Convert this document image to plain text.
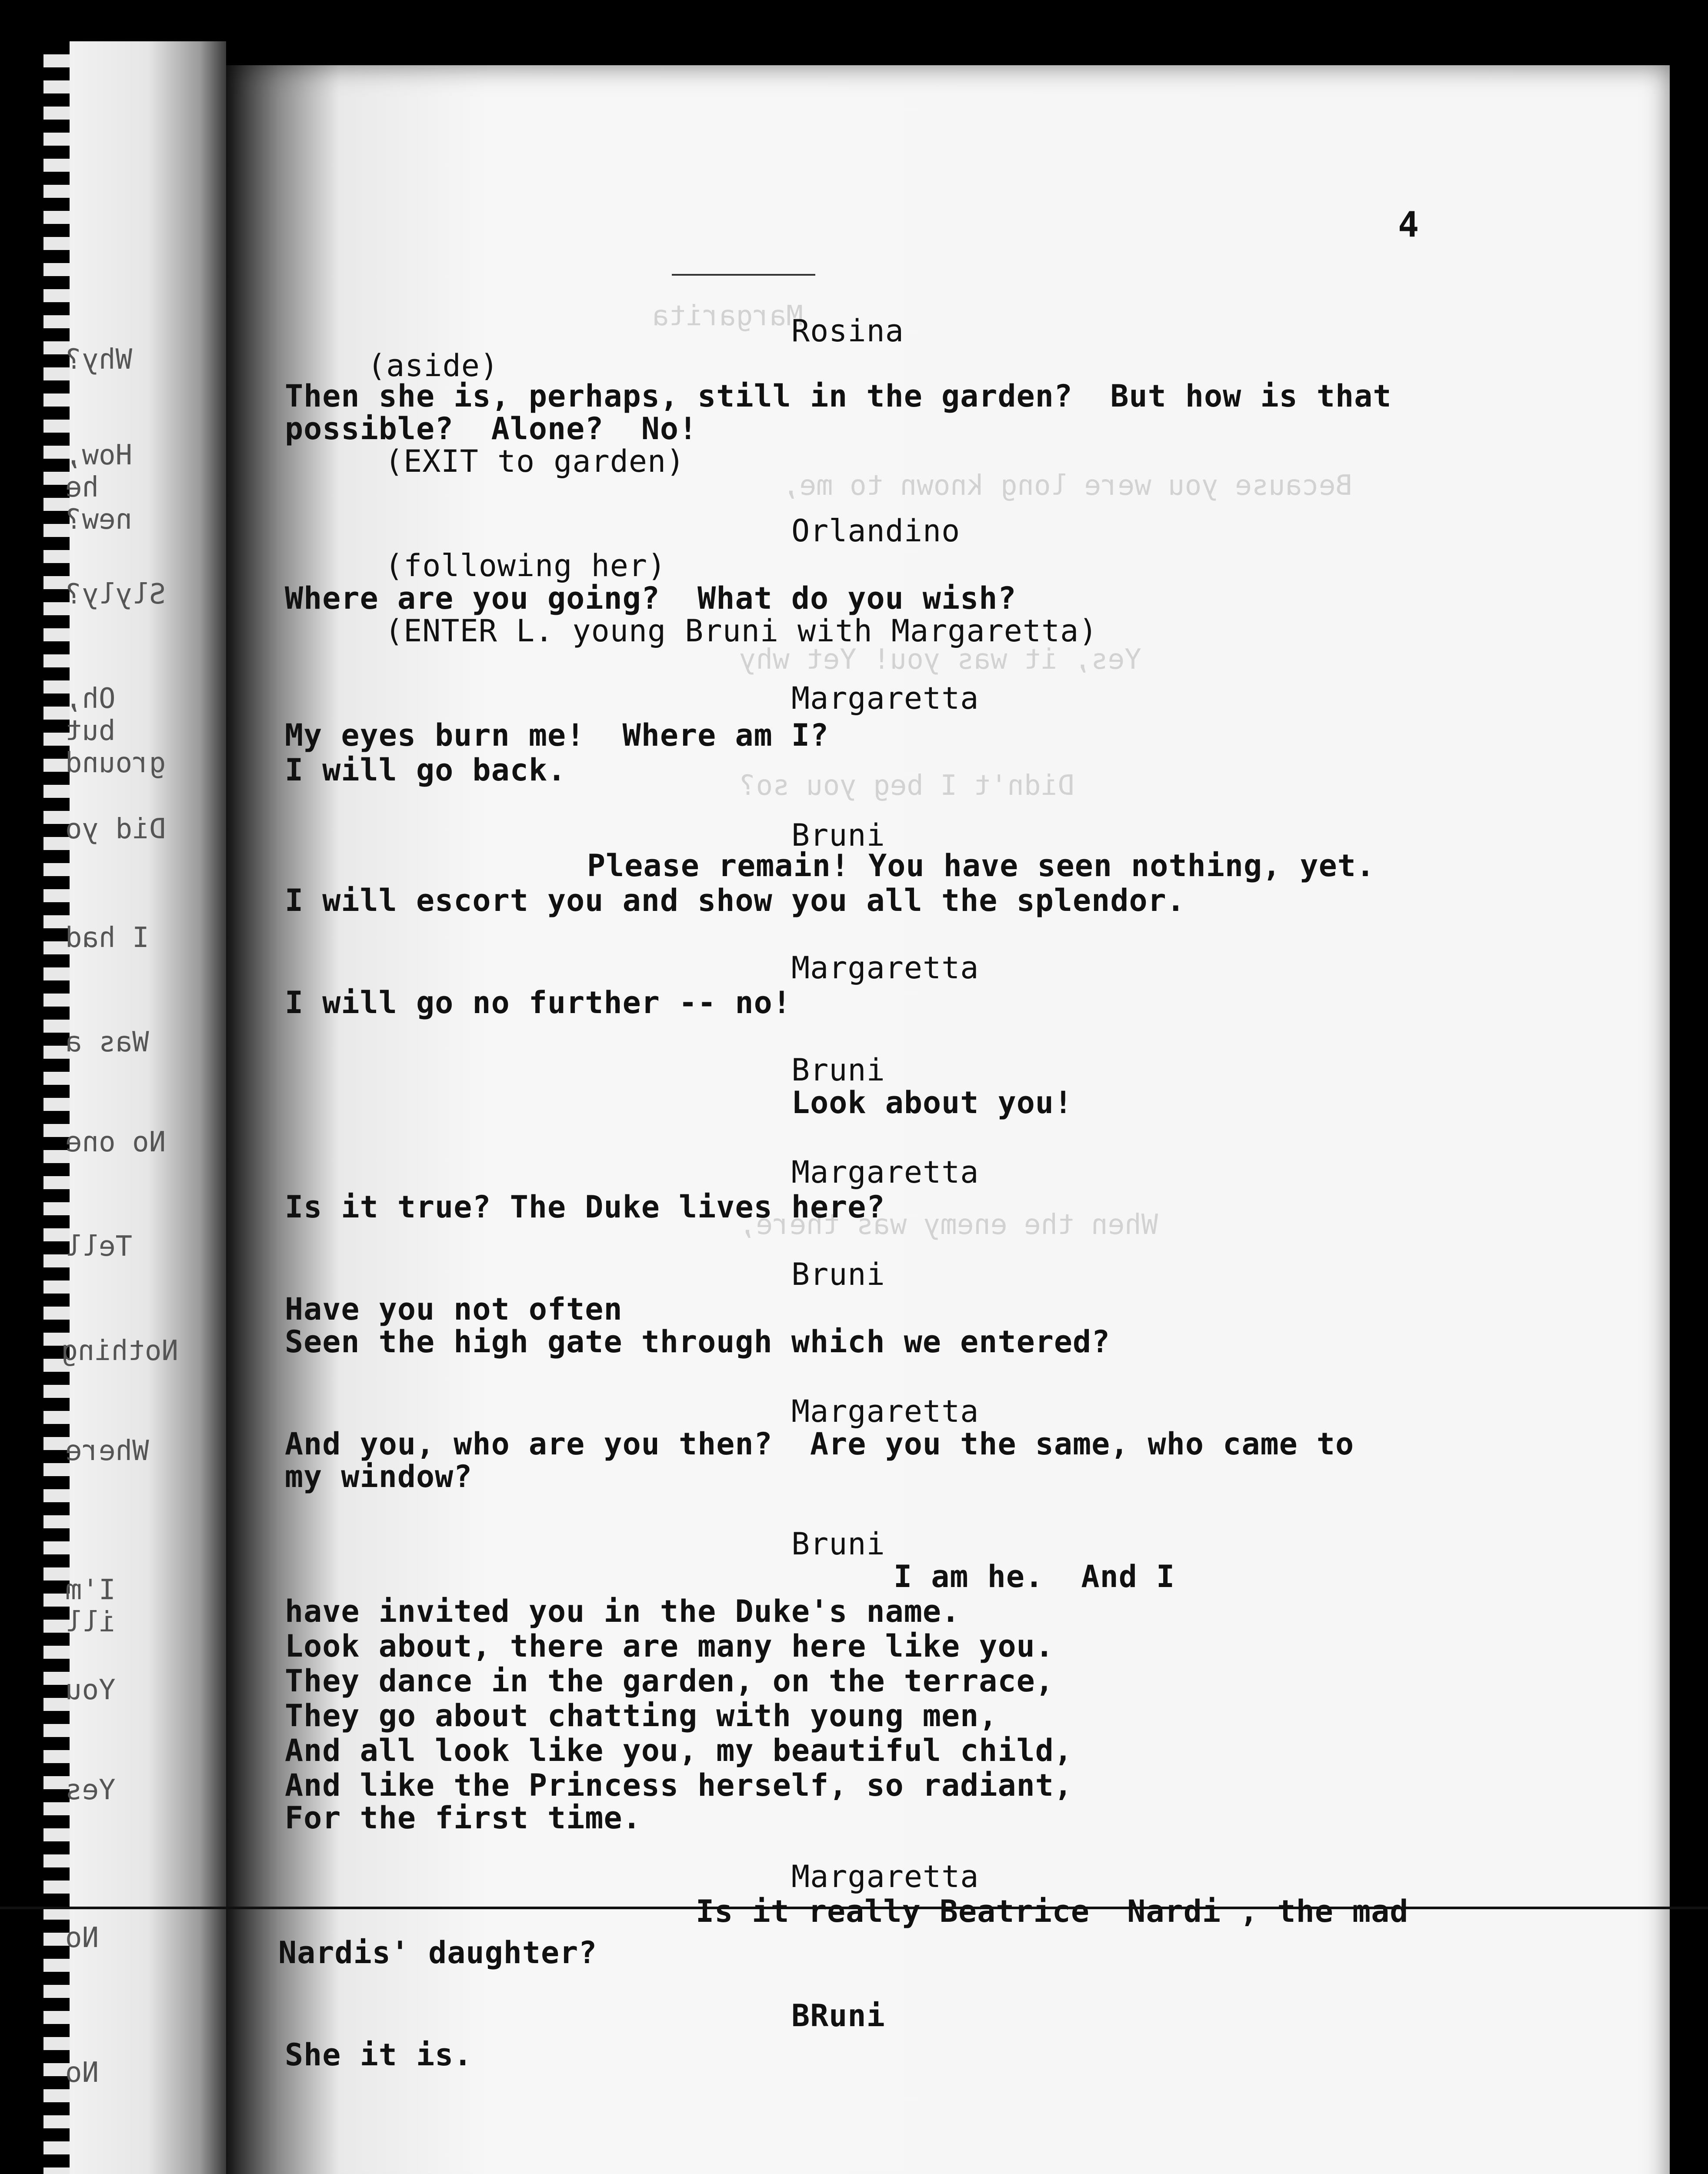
Why?
How, he new?
Slyly?
Oh, but ground
Did yo
I had
Was a
No one
Tell
Nothing
Where
I'm ill
You
Yes
No
No
Margarita
Because you were long known to me,
Yes, it was you! Yet why
Didn't I beg you so?
When the enemy was there,
4
Rosina
(aside)
Then she is, perhaps, still in the garden?  But how is that
possible?  Alone?  No!
(EXIT to garden)
Orlandino
(following her)
Where are you going?  What do you wish?
(ENTER L. young Bruni with Margaretta)
Margaretta
My eyes burn me!  Where am I?
I will go back.
Bruni
Please remain! You have seen nothing, yet.
I will escort you and show you all the splendor.
Margaretta
I will go no further -- no!
Bruni
Look about you!
Margaretta
Is it true? The Duke lives here?
Bruni
Have you not often
Seen the high gate through which we entered?
Margaretta
And you, who are you then?  Are you the same, who came to
my window?
Bruni
I am he.  And I
have invited you in the Duke's name.
Look about, there are many here like you.
They dance in the garden, on the terrace,
They go about chatting with young men,
And all look like you, my beautiful child,
And like the Princess herself, so radiant,
For the first time.
Margaretta
Is it really Beatrice  Nardi , the mad
Nardis' daughter?
BRuni
She it is.
